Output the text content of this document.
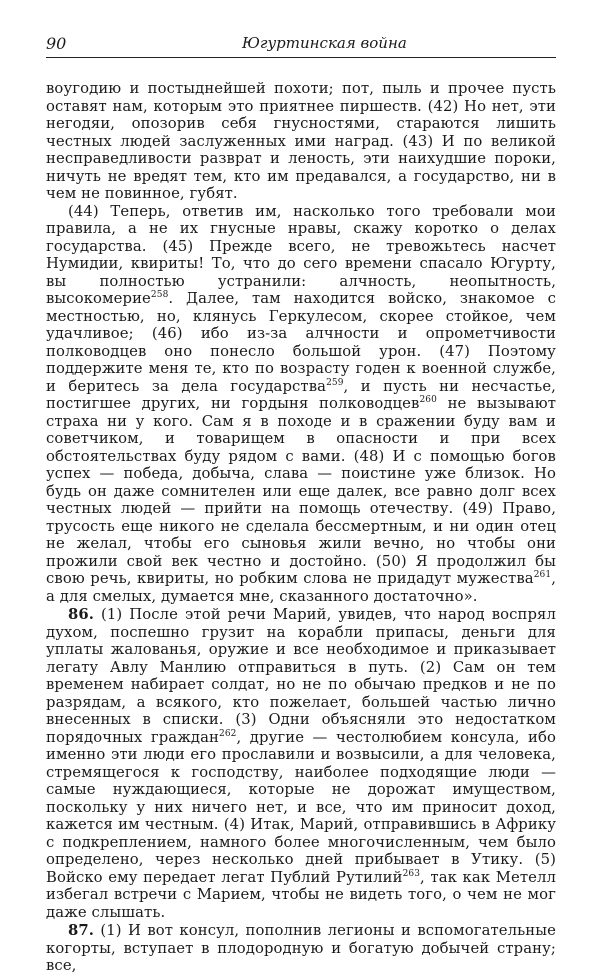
90	Югуртинская война

воугодию и постыднейшей похоти; пот, пыль и прочее пусть оставят нам, которым это приятнее пиршеств. (42) Но нет, эти негодяи, опозорив себя гнусностями, стараются лишить честных людей заслуженных ими наград. (43) И по великой несправедливости разврат и леность, эти наихудшие пороки, ничуть не вредят тем, кто им предавался, а государство, ни в чем не повинное, губят.

(44) Теперь, ответив им, насколько того требовали мои правила, а не их гнусные нравы, скажу коротко о делах государства. (45) Прежде всего, не тревожьтесь насчет Нумидии, квириты! То, что до сего времени спасало Югурту, вы полностью устранили: алчность, неопытность, высокомерие$^{258}$. Далее, там находится войско, знакомое с местностью, но, клянусь Геркулесом, скорее стойкое, чем удачливое; (46) ибо из-за алчности и опрометчивости полководцев оно понесло большой урон. (47) Поэтому поддержите меня те, кто по возрасту годен к военной службе, и беритесь за дела государства$^{259}$, и пусть ни несчастье, постигшее других, ни гордыня полководцев$^{260}$ не вызывают страха ни у кого. Сам я в походе и в сражении буду вам и советчиком, и товарищем в опасности и при всех обстоятельствах буду рядом с вами. (48) И с помощью богов успех — победа, добыча, слава — поистине уже близок. Но будь он даже сомнителен или еще далек, все равно долг всех честных людей — прийти на помощь отечеству. (49) Право, трусость еще никого не сделала бессмертным, и ни один отец не желал, чтобы его сыновья жили вечно, но чтобы они прожили свой век честно и достойно. (50) Я продолжил бы свою речь, квириты, но робким слова не придадут мужества$^{261}$, а для смелых, думается мне, сказанного достаточно».

86. (1) После этой речи Марий, увидев, что народ воспрял духом, поспешно грузит на корабли припасы, деньги для уплаты жалованья, оружие и все необходимое и приказывает легату Авлу Манлию отправиться в путь. (2) Сам он тем временем набирает солдат, но не по обычаю предков и не по разрядам, а всякого, кто пожелает, большей частью лично внесенных в списки. (3) Одни объясняли это недостатком порядочных граждан$^{262}$, другие — честолюбием консула, ибо именно эти люди его прославили и возвысили, а для человека, стремящегося к господству, наиболее подходящие люди — самые нуждающиеся, которые не дорожат имуществом, поскольку у них ничего нет, и все, что им приносит доход, кажется им честным. (4) Итак, Марий, отправившись в Африку с подкреплением, намного более многочисленным, чем было определено, через несколько дней прибывает в Утику. (5) Войско ему передает легат Публий Рутилий$^{263}$, так как Метелл избегал встречи с Марием, чтобы не видеть того, о чем не мог даже слышать.

87. (1) И вот консул, пополнив легионы и вспомогательные когорты, вступает в плодородную и богатую добычей страну; все,
